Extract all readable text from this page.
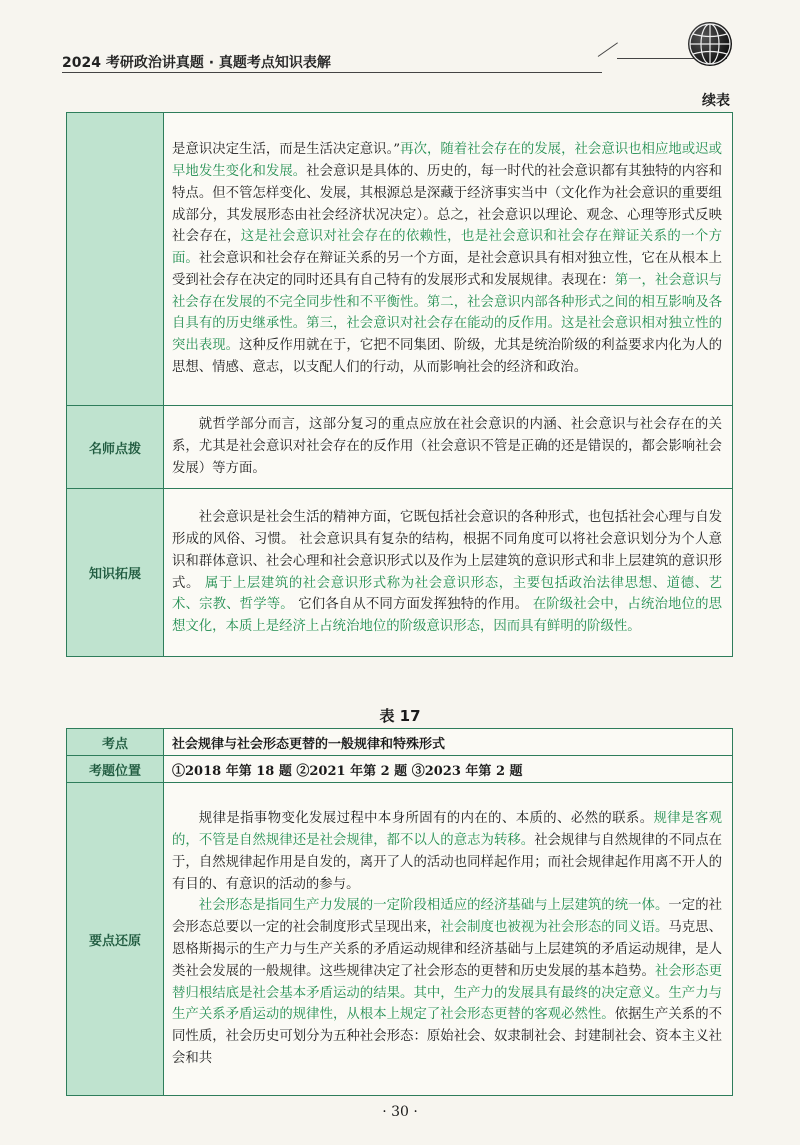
2024 考研政治讲真题 · 真题考点知识表解
续表

	是意识决定生活，而是生活决定意识。”再次，随着社会存在的发展，社会意识也相应地或迟或早地发生变化和发展。社会意识是具体的、历史的，每一时代的社会意识都有其独特的内容和特点。但不管怎样变化、发展，其根源总是深藏于经济事实当中（文化作为社会意识的重要组成部分，其发展形态由社会经济状况决定）。总之，社会意识以理论、观念、心理等形式反映社会存在，这是社会意识对社会存在的依赖性，也是社会意识和社会存在辩证关系的一个方面。社会意识和社会存在辩证关系的另一个方面，是社会意识具有相对独立性，它在从根本上受到社会存在决定的同时还具有自己特有的发展形式和发展规律。表现在：第一，社会意识与社会存在发展的不完全同步性和不平衡性。第二，社会意识内部各种形式之间的相互影响及各自具有的历史继承性。第三，社会意识对社会存在能动的反作用。这是社会意识相对独立性的突出表现。这种反作用就在于，它把不同集团、阶级，尤其是统治阶级的利益要求内化为人的思想、情感、意志，以支配人们的行动，从而影响社会的经济和政治。

名师点拨	就哲学部分而言，这部分复习的重点应放在社会意识的内涵、社会意识与社会存在的关系，尤其是社会意识对社会存在的反作用（社会意识不管是正确的还是错误的，都会影响社会发展）等方面。

知识拓展	社会意识是社会生活的精神方面，它既包括社会意识的各种形式，也包括社会心理与自发形成的风俗、习惯。 社会意识具有复杂的结构，根据不同角度可以将社会意识划分为个人意识和群体意识、社会心理和社会意识形式以及作为上层建筑的意识形式和非上层建筑的意识形式。 属于上层建筑的社会意识形式称为社会意识形态，主要包括政治法律思想、道德、艺术、宗教、哲学等。 它们各自从不同方面发挥独特的作用。 在阶级社会中，占统治地位的思想文化，本质上是经济上占统治地位的阶级意识形态，因而具有鲜明的阶级性。

表 17
考点	社会规律与社会形态更替的一般规律和特殊形式
考题位置	①2018 年第 18 题 ②2021 年第 2 题 ③2023 年第 2 题
要点还原	规律是指事物变化发展过程中本身所固有的内在的、本质的、必然的联系。规律是客观的，不管是自然规律还是社会规律，都不以人的意志为转移。社会规律与自然规律的不同点在于，自然规律起作用是自发的，离开了人的活动也同样起作用；而社会规律起作用离不开人的有目的、有意识的活动的参与。

社会形态是指同生产力发展的一定阶段相适应的经济基础与上层建筑的统一体。一定的社会形态总要以一定的社会制度形式呈现出来，社会制度也被视为社会形态的同义语。马克思、恩格斯揭示的生产力与生产关系的矛盾运动规律和经济基础与上层建筑的矛盾运动规律，是人类社会发展的一般规律。这些规律决定了社会形态的更替和历史发展的基本趋势。社会形态更替归根结底是社会基本矛盾运动的结果。其中，生产力的发展具有最终的决定意义。生产力与生产关系矛盾运动的规律性，从根本上规定了社会形态更替的客观必然性。依据生产关系的不同性质，社会历史可划分为五种社会形态：原始社会、奴隶制社会、封建制社会、资本主义社会和共

· 30 ·
